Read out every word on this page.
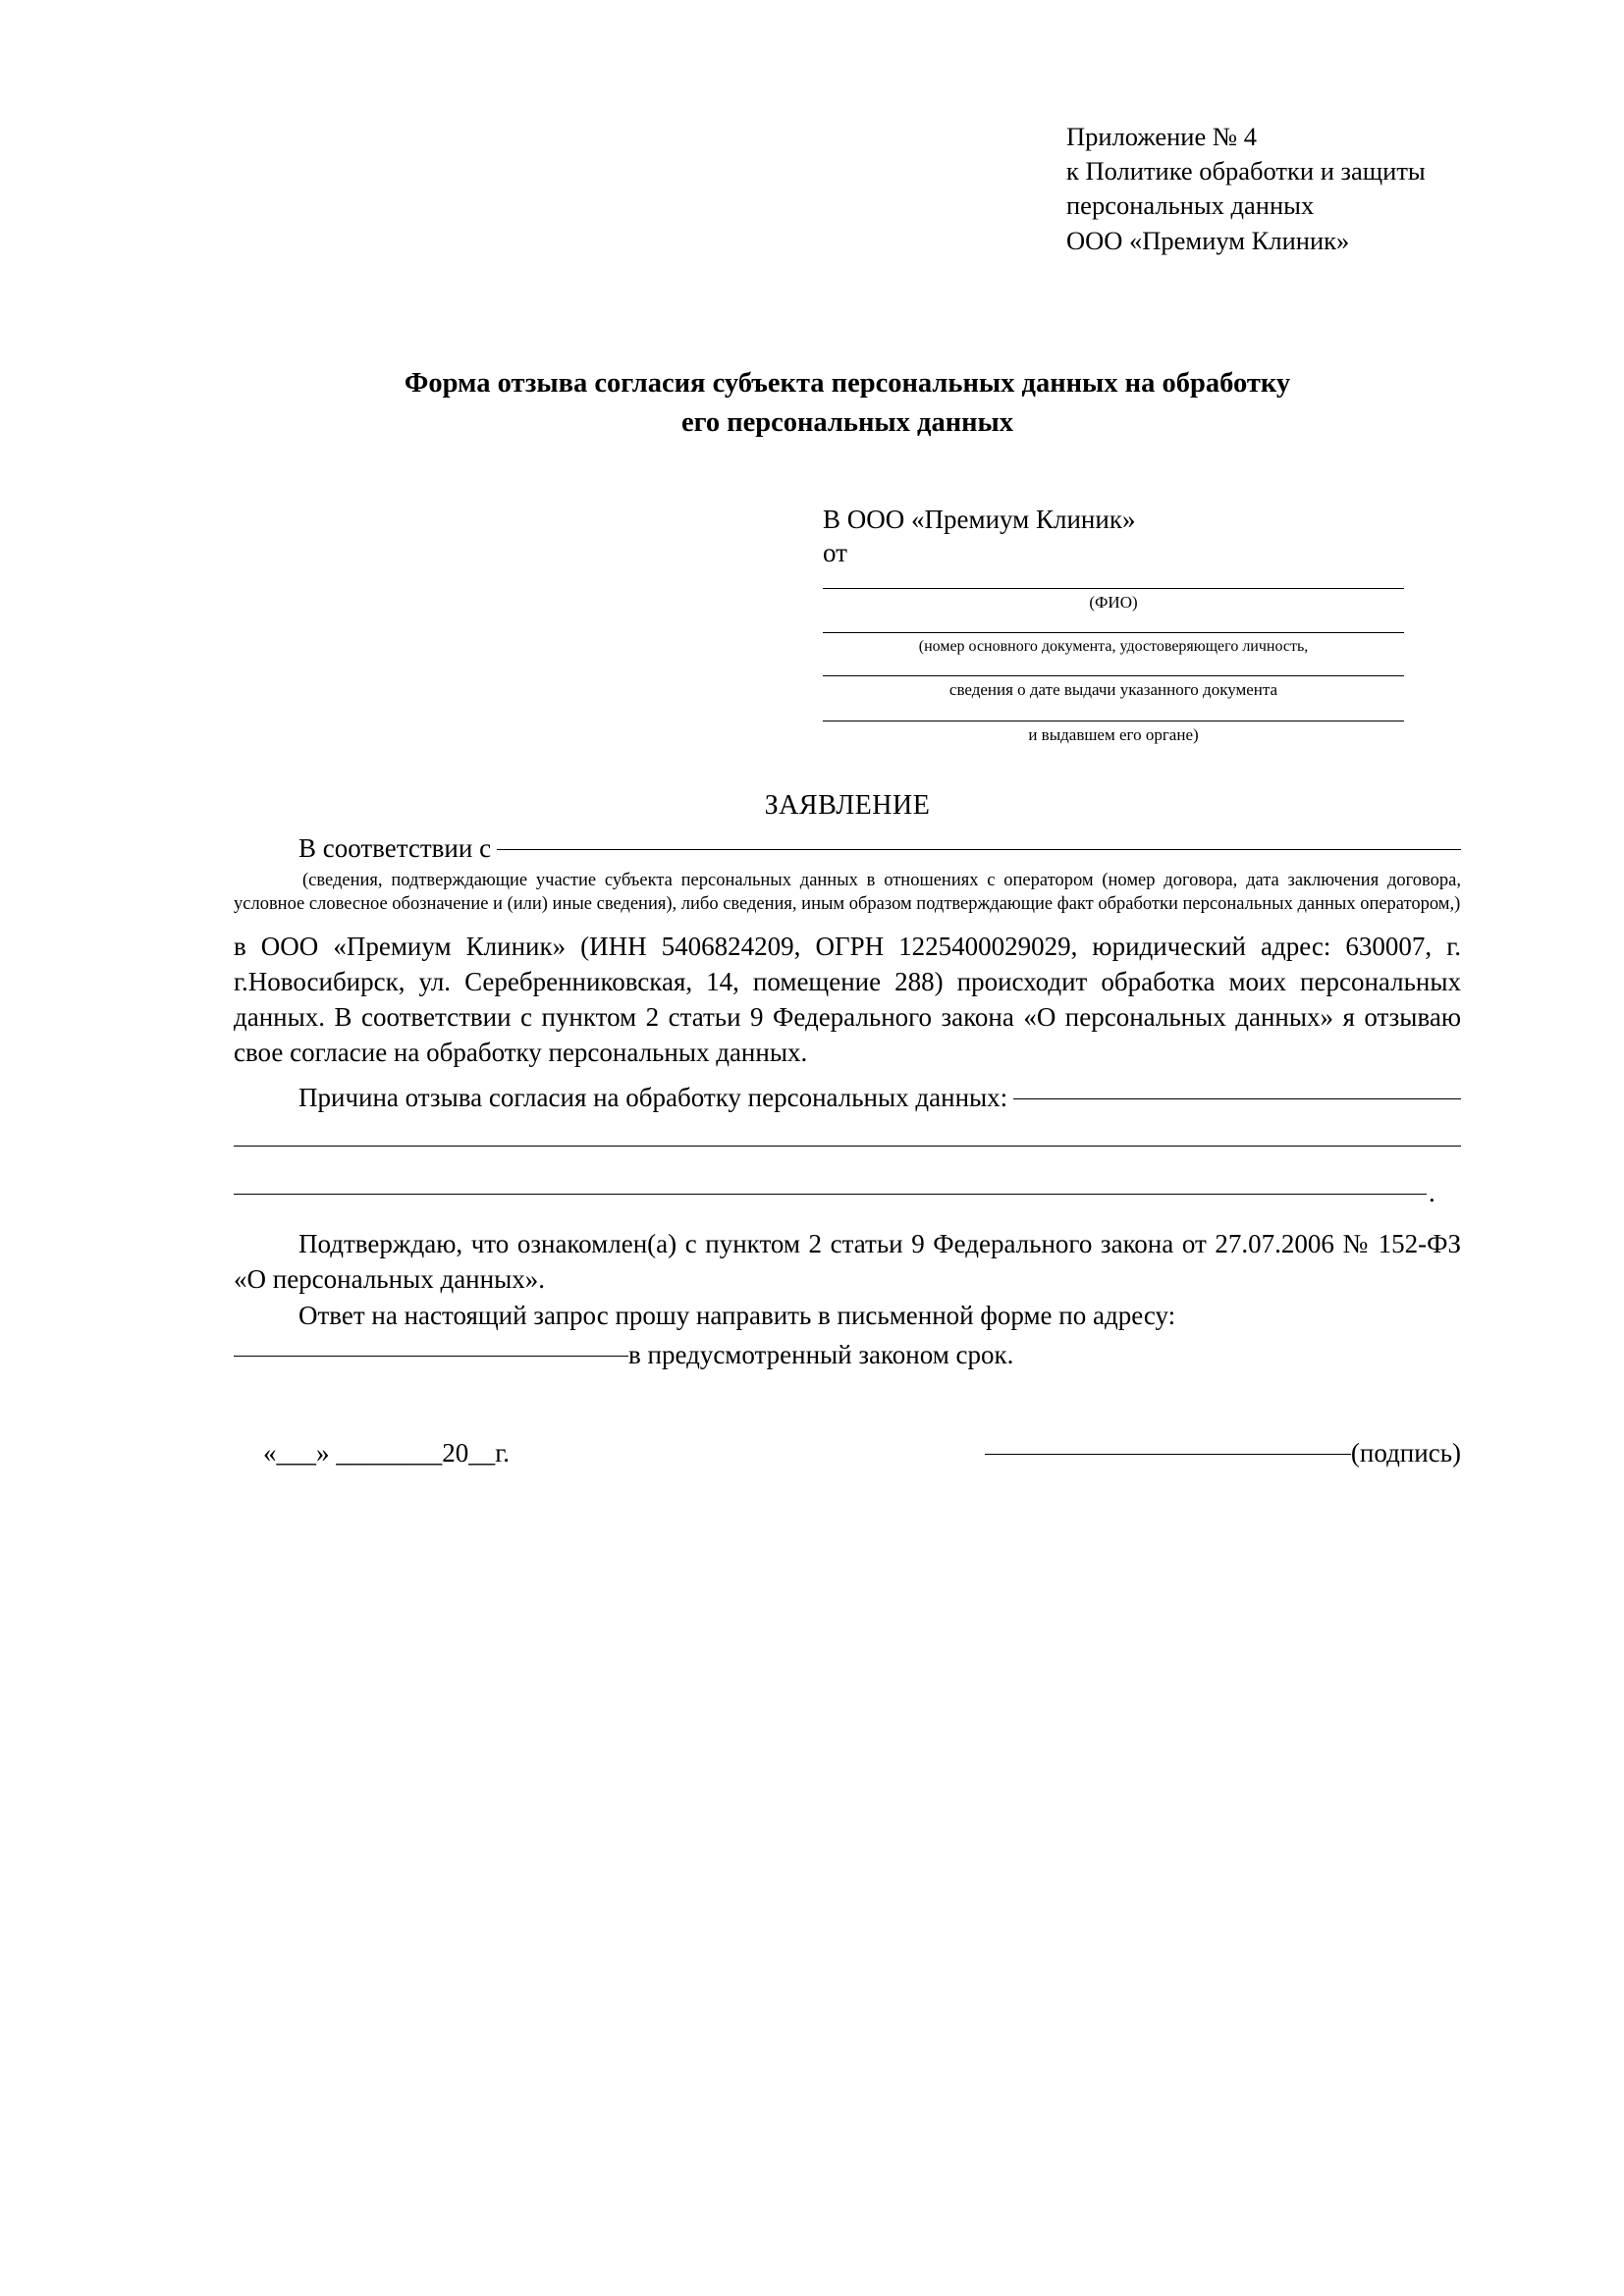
Приложение № 4
к Политике обработки и защиты
персональных данных
ООО «Премиум Клиник»
Форма отзыва согласия субъекта персональных данных на обработку
его персональных данных
В ООО «Премиум Клиник»
от
(ФИО)
(номер основного документа, удостоверяющего личность,
сведения о дате выдачи указанного документа
и выдавшем его органе)
ЗАЯВЛЕНИЕ
В соответствии с
(сведения, подтверждающие участие субъекта персональных данных в отношениях с оператором (номер договора, дата заключения договора, условное словесное обозначение и (или) иные сведения), либо сведения, иным образом подтверждающие факт обработки персональных данных оператором,)
в ООО «Премиум Клиник» (ИНН 5406824209, ОГРН 1225400029029, юридический адрес: 630007, г. г.Новосибирск, ул. Серебренниковская, 14, помещение 288) происходит обработка моих персональных данных. В соответствии с пунктом 2 статьи 9 Федерального закона «О персональных данных» я отзываю свое согласие на обработку персональных данных.
Причина отзыва согласия на обработку персональных данных:
.
Подтверждаю, что ознакомлен(а) с пунктом 2 статьи 9 Федерального закона от 27.07.2006 № 152-ФЗ «О персональных данных».
Ответ на настоящий запрос прошу направить в письменной форме по адресу:
в предусмотренный законом срок.
«___» ________20__г.	(подпись)
